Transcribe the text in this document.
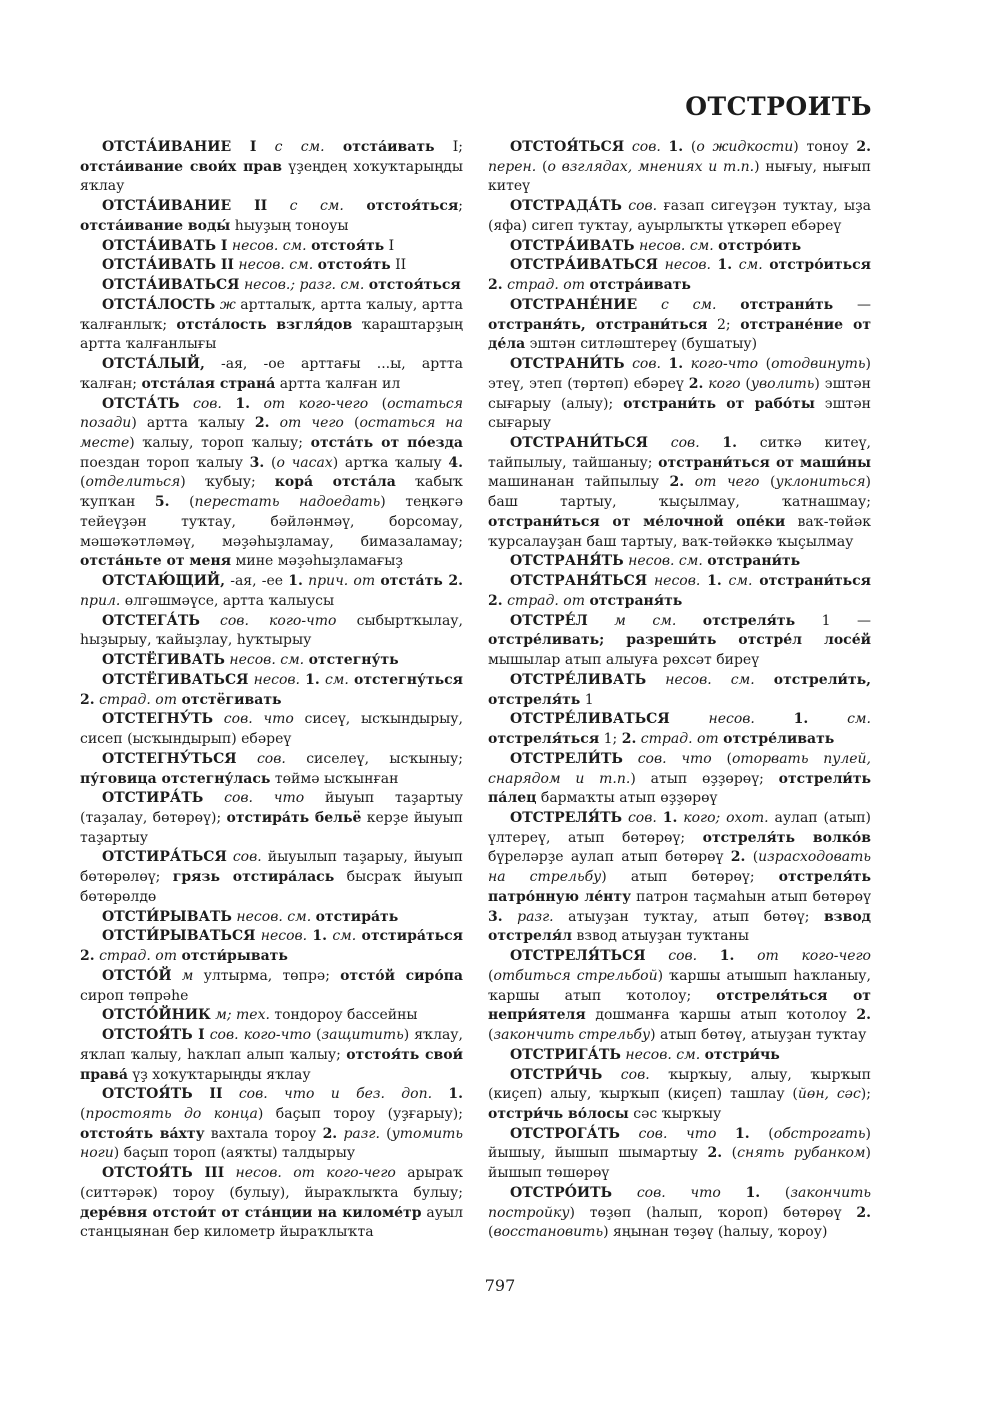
ОТСТРОИТЬ

ОТСТА́ИВАНИЕ I с см. отста́ивать I; отста́ивание свои́х прав үҙеңдең хоҡуҡтарыңды яҡлау

ОТСТА́ИВАНИЕ II с см. отстоя́ться; отста́ивание воды́ һыуҙың тоноуы

ОТСТА́ИВАТЬ I несов. см. отстоя́ть I

ОТСТА́ИВАТЬ II несов. см. отстоя́ть II

ОТСТА́ИВАТЬСЯ несов.; разг. см. отстоя́ться

ОТСТА́ЛОСТЬ ж артталыҡ, артта ҡалыу, артта ҡалғанлыҡ; отста́лость взгля́дов ҡараштарҙың артта ҡалғанлығы

ОТСТА́ЛЫЙ, -ая, -ое арттағы ...ы, артта ҡалған; отста́лая страна́ артта ҡалған ил

ОТСТА́ТЬ сов. 1. от кого-чего (остаться позади) артта ҡалыу 2. от чего (остаться на месте) ҡалыу, тороп ҡалыу; отста́ть от по́езда поездан тороп ҡалыу 3. (о часах) артҡа ҡалыу 4. (отделиться) ҡубыу; кора́ отста́ла ҡабыҡ ҡупҡан 5. (перестать надоедать) теңкәгә тейеүҙән туҡтау, бәйләнмәү, борсомау, мәшәҡәтләмәү, мәҙәһыҙламау, бимазаламау; отста́ньте от меня мине мәҙәһыҙламағыҙ

ОТСТАЮ́ЩИЙ, -ая, -ее 1. прич. от отста́ть 2. прил. өлгәшмәүсе, артта ҡалыусы

ОТСТЕГА́ТЬ сов. кого-что сыбыртҡылау, һыҙырыу, ҡайыҙлау, һуҡтырыу

ОТСТЁГИВАТЬ несов. см. отстегну́ть

ОТСТЁГИВАТЬСЯ несов. 1. см. отстегну́ться 2. страд. от отстёгивать

ОТСТЕГНУ́ТЬ сов. что сисеү, ысҡындырыу, сисеп (ысҡындырып) ебәреү

ОТСТЕГНУ́ТЬСЯ сов. сиселеү, ысҡыныу; пу́говица отстегну́лась төймә ысҡынған

ОТСТИРА́ТЬ сов. что йыуып таҙартыу (таҙалау, бөтөрөү); отстира́ть бельё керҙе йыуып таҙартыу

ОТСТИРА́ТЬСЯ сов. йыуылып таҙарыу, йыуып бөтөрөлөү; грязь отстира́лась бысраҡ йыуып бөтөрөлдө

ОТСТИ́РЫВАТЬ несов. см. отстира́ть

ОТСТИ́РЫВАТЬСЯ несов. 1. см. отстира́ться 2. страд. от отсти́рывать

ОТСТО́Й м ултырма, төпрә; отсто́й сиро́па сироп төпрәһе

ОТСТО́ЙНИК м; тех. тондороу бассейны

ОТСТОЯ́ТЬ I сов. кого-что (защитить) яҡлау, яҡлап ҡалыу, һаҡлап алып ҡалыу; отстоя́ть свои́ права́ үҙ хоҡуҡтарыңды яҡлау

ОТСТОЯ́ТЬ II сов. что и без. доп. 1. (простоять до конца) баҫып тороу (уҙғарыу); отстоя́ть ва́хту вахтала тороу 2. разг. (утомить ноги) баҫып тороп (аяҡты) талдырыу

ОТСТОЯ́ТЬ III несов. от кого-чего арыраҡ (ситтәрәк) тороу (булыу), йыраҡлыҡта булыу; дере́вня отстои́т от ста́нции на киломе́тр ауыл станцыянан бер километр йыраҡлыҡта

ОТСТОЯ́ТЬСЯ сов. 1. (о жидкости) тоноу 2. перен. (о взглядах, мнениях и т.п.) нығыу, нығып китеү

ОТСТРАДА́ТЬ сов. ғазап сигеүҙән туҡтау, ыҙа (яфа) сигеп туҡтау, ауырлыҡты үткәреп ебәреү

ОТСТРА́ИВАТЬ несов. см. отстро́ить

ОТСТРА́ИВАТЬСЯ несов. 1. см. отстро́иться 2. страд. от отстра́ивать

ОТСТРАНЕ́НИЕ с см. отстрани́ть — отстраня́ть, отстрани́ться 2; отстране́ние от де́ла эштән ситләштереү (бушатыу)

ОТСТРАНИ́ТЬ сов. 1. кого-что (отодвинуть) этеү, этеп (төртөп) ебәреү 2. кого (уволить) эштән сығарыу (алыу); отстрани́ть от рабо́ты эштән сығарыу

ОТСТРАНИ́ТЬСЯ сов. 1. ситкә китеү, тайпылыу, тайшаныу; отстрани́ться от маши́ны машинанан тайпылыу 2. от чего (уклониться) баш тартыу, ҡыҫылмау, ҡатнашмау; отстрани́ться от ме́лочной опе́ки ваҡ-төйәк ҡурсалауҙан баш тартыу, ваҡ-төйәккә ҡыҫылмау

ОТСТРАНЯ́ТЬ несов. см. отстрани́ть

ОТСТРАНЯ́ТЬСЯ несов. 1. см. отстрани́ться 2. страд. от отстраня́ть

ОТСТРЕ́Л м см. отстреля́ть 1 — отстре́ливать; разреши́ть отстре́л лосе́й мышылар атып алыуға рөхсәт биреү

ОТСТРЕ́ЛИВАТЬ несов. см. отстрели́ть, отстреля́ть 1

ОТСТРЕ́ЛИВАТЬСЯ несов. 1. см. отстреля́ться 1; 2. страд. от отстре́ливать

ОТСТРЕЛИ́ТЬ сов. что (оторвать пулей, снарядом и т.п.) атып өҙҙөрөү; отстрели́ть па́лец бармаҡты атып өҙҙөрөү

ОТСТРЕЛЯ́ТЬ сов. 1. кого; охот. аулап (атып) үлтереү, атып бөтөрөү; отстреля́ть волко́в бүреләрҙе аулап атып бөтөрөү 2. (израсходовать на стрельбу) атып бөтөрөү; отстреля́ть патро́нную ле́нту патрон таҫмаһын атып бөтөрөү 3. разг. атыуҙан туҡтау, атып бөтөү; взвод отстреля́л взвод атыуҙан туҡтаны

ОТСТРЕЛЯ́ТЬСЯ сов. 1. от кого-чего (отбиться стрельбой) ҡаршы атышып һаҡланыу, ҡаршы атып ҡотолоу; отстреля́ться от непри́ятеля дошманға ҡаршы атып ҡотолоу 2. (закончить стрельбу) атып бөтөү, атыуҙан туҡтау

ОТСТРИГА́ТЬ несов. см. отстри́чь

ОТСТРИ́ЧЬ сов. ҡырҡыу, алыу, ҡырҡып (киҫеп) алыу, ҡырҡып (киҫеп) ташлау (йөн, сәс); отстри́чь во́лосы сәс ҡырҡыу

ОТСТРОГА́ТЬ сов. что 1. (обстрогать) йышыу, йышып шымартыу 2. (снять рубанком) йышып төшөрөү

ОТСТРО́ИТЬ сов. что 1. (закончить постройку) төҙөп (һалып, ҡороп) бөтөрөү 2. (восстановить) яңынан төҙөү (һалыу, ҡороу)

797
